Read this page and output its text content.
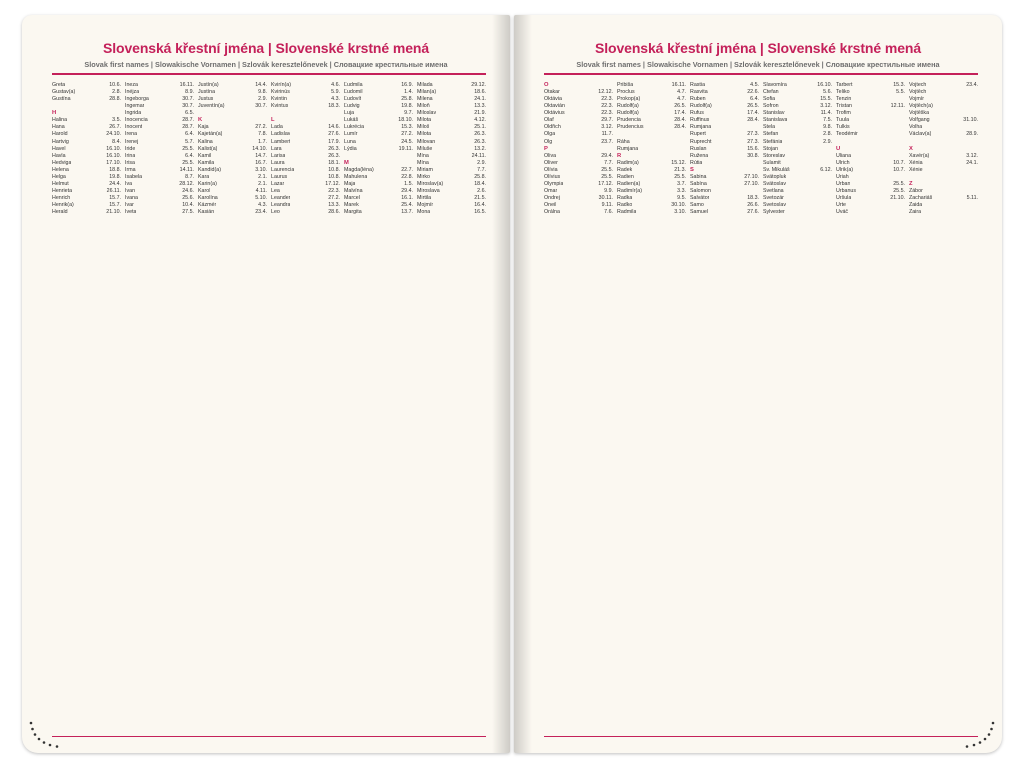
Slovenská křestní jména | Slovenské krstné mená
Slovak first names | Slowakische Vornamen | Szlovák keresztelőnevek | Словацкие крестильные имена
Greta	10.6.
Gustav(a)	2.8.
Gustína	28.8.

H
Halina	3.5.
Hana	26.7.
Harold	24.10.
Hartvig	8.4.
Havel	16.10.
Havla	16.10.
Hedviga	17.10.
Helena	18.8.
Helga	19.8.
Helmut	24.4.
Henrieta	26.11.
Henrich	15.7.
Henrik(a)	15.7.
Herald	21.10.
Ineza	16.11.
Inéjza	8.9.
Ingeborga	30.7.
Ingemar	30.7.
Ingrida	6.5.
Inocencia	28.7.
Inocent	28.7.
Irena	6.4.
Irenej	5.7.
Iride	25.5.
Irina	6.4.
Irisa	25.5.
Irma	14.11.
Isabela	8.7.
Iva	28.12.
Ivan	24.6.
Ivana	25.6.
Ivar	10.4.
Iveta	27.5.
Justín(a)	14.4.
Justína	9.8.
Justus	2.9.
Juventín(a)	30.7.

K
Kaja	27.2.
Kajetán(a)	7.8.
Kalina	1.7.
Kalist(a)	14.10.
Kamil	14.7.
Kamila	16.7.
Kandid(a)	3.10.
Kara	2.1.
Karin(a)	2.1.
Karol	4.11.
Karolína	5.10.
Kázmér	4.3.
Kasián	23.4.
Kvirín(a)	4.6.
Kvirinús	5.9.
Kvintin	4.3.
Kvintus	18.3.

L
Lada	14.6.
Ladislav	27.6.
Lambert	17.9.
Lara	26.3.
Larisa	26.3.
Laura	18.1.
Laurencia	10.8.
Laurus	10.8.
Lazar	17.12.
Lea	22.3.
Leander	27.2.
Leandra	13.3.
Leo	28.6.
Ľudmila	16.9.
Ľudomil	1.4.
Ľudovít	25.8.
Ľudvig	19.8.
Luja	9.7.
Lukáš	18.10.
Lukrécia	15.3.
Lumír	27.2.
Luna	24.5.
Lýdia	19.11.

M
Magda(léna)	22.7.
Mahulena	22.8.
Maja	1.5.
Malvína	29.4.
Marcel	16.1.
Marek	25.4.
Margita	13.7.
Milada	29.12.
Milan(a)	18.6.
Milena	24.1.
Miloň	13.3.
Miloslav	21.9.
Milota	4.12.
Miloš	25.1.
Milota	26.3.
Milovan	26.3.
Miluše	13.2.
Mína	24.11.
Mína	2.9.
Miriam	7.7.
Mirko	25.8.
Miroslav(a)	18.4.
Miroslava	2.6.
Mirtila	21.5.
Mojmír	16.4.
Mona	16.5.
Slovenská křestní jména | Slovenské krstné mená
Slovak first names | Slowakische Vornamen | Szlovák keresztelőnevek | Словацкие крестильные имена
O
Otakar	12.12.
Oktávia	22.3.
Oktavián	22.3.
Oktávius	22.3.
Olaf	29.7.
Oldřich	3.12.
Olga	11.7.
Olg	23.7.
P
Oliva	29.4.
Oliver	7.7.
Olívia	25.5.
Olívius	25.5.
Olympia	17.12.
Omar	9.9.
Ondrej	30.11.
Oneil	9.11.
Orálna	7.6.
Pribiša	16.11.
Proclus	4.7.
Prokop(a)	4.7.
Rudolf(a)	26.5.
Rudolf(a)	17.4.
Prudencia	28.4.
Prudencius	28.4.

Ráha
Rumjana
R
Radim(a)	15.12.
Radek	21.3.
Radien	25.5.
Radien(a)	3.7.
Radimír(a)	3.3.
Radka	9.5.
Radko	30.10.
Radmila	3.10.
Rastia	4.5.
Rasvita	22.6.
Ruben	6.4.
Rudolf(a)	26.5.
Rufus	17.4.
Ruffinus	28.4.
Rumjana
Rupert	27.3.
Ruprecht	27.3.
Ruslan	15.6.
Ružena	30.8.
Rútia
S
Sabina	27.10.
Sabína	27.10.
Salomon
Salvátor	18.3.
Samo	26.6.
Samuel	27.6.
Slavomíra	16.10.
Ctefan	5.6.
Sofia	15.5.
Sofron	3.12.
Stanislav	11.4.
Stanislava	7.5.
Stela	9.8.
Štefan	2.8.
Štefánia	2.9.
Stojan
Storeslav
Sulamit
Sv. Mikuláš	6.12.
Svätopluk
Svätoslav
Svetlana
Svetozár
Svetoslav
Sylvester
Tarbert	15.3.
Teliko	5.5.
Tenzin
Tristan	12.11.
Trofim
Tuula
Tulkis
Teodémir

U
Uliana
Ulrich	10.7.
Ulrik(a)	10.7.
Uriah
Urban	25.5.
Urbanus	25.5.
Uršula	21.10.
Urte
Uváč
Vojtech	23.4.
Vojtěch
Vojmír
Vojtěch(a)
Vojtěška
Volfgang	31.10.
Volha
Václav(a)	28.9.

X
Xavér(a)	3.12.
Xénia	24.1.
Xénie

Z
Zábor
Zachariáš	5.11.
Zaida
Zaira
